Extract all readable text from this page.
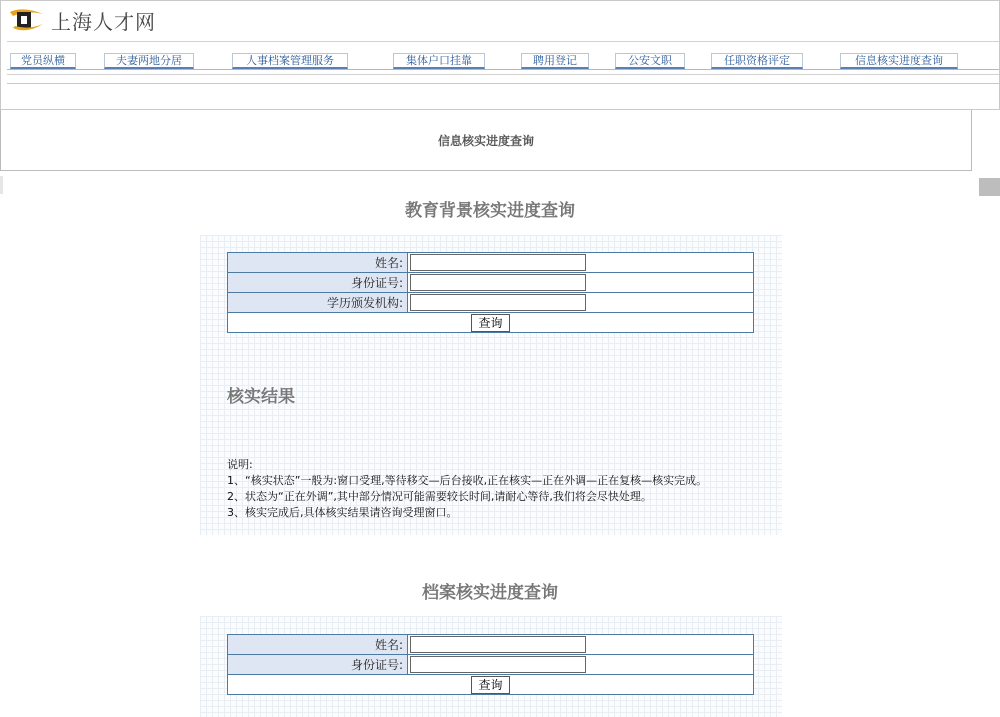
上海人才网
党员纵横	夫妻两地分居	人事档案管理服务	集体户口挂靠	聘用登记	公安文职	任职资格评定	信息核实进度查询
信息核实进度查询
教育背景核实进度查询
姓名:	
身份证号:	
学历颁发机构:	
查询	
核实结果
说明:
1、“核实状态”一般为:窗口受理,等待移交—后台接收,正在核实—正在外调—正在复核—核实完成。
2、状态为“正在外调”,其中部分情况可能需要较长时间,请耐心等待,我们将会尽快处理。
3、核实完成后,具体核实结果请咨询受理窗口。
档案核实进度查询
姓名:	
身份证号:	
查询	
